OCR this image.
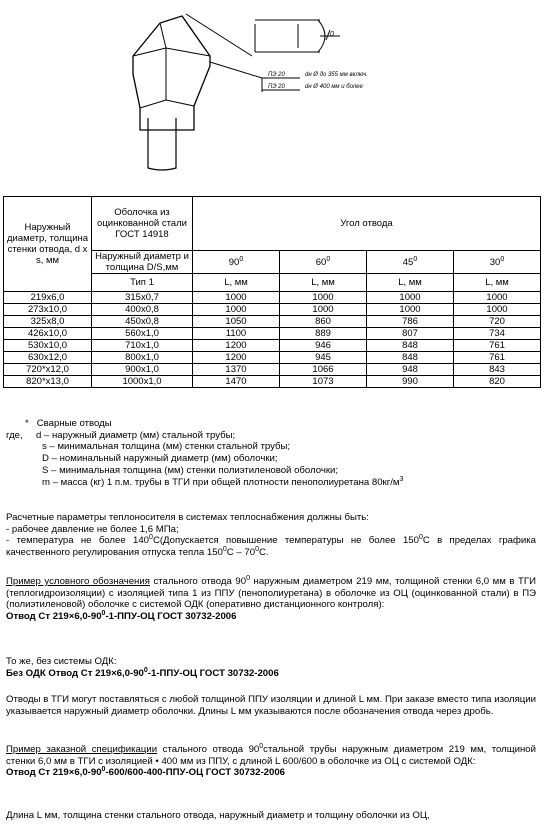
ПЭ 20
ПЭ 20
dн Ø до 355 мм включ.
dн Ø 400 мм и более
0
Наружный диаметр, толщина стенки отвода, d x s, мм	Оболочка из оцинкованной стали ГОСТ 14918	Угол отвода			
	Наружный диаметр и толщина D/S,мм	$90^0$	$60^0$	$45^0$	$30^0$
	Тип 1	L, мм	L, мм	L, мм	L, мм
219х6,0	315х0,7	1000	1000	1000	1000
273х10,0	400х0,8	1000	1000	1000	1000
325х8,0	450х0,8	1050	860	786	720
426х10,0	560х1,0	1100	889	807	734
530х10,0	710х1,0	1200	946	848	761
630х12,0	800х1,0	1200	945	848	761
720*х12,0	900х1,0	1370	1066	948	843
820*х13,0	1000х1,0	1470	1073	990	820
* Сварные отводы
где, d – наружный диаметр (мм) стальной трубы;
s – минимальная толщина (мм) стенки стальной трубы;
D – номинальный наружный диаметр (мм) оболочки;
S – минимальная толщина (мм) стенки полиэтиленовой оболочки;
m – масса (кг) 1 п.м. трубы в ТГИ при общей плотности пенополиуретана $80кг/м^3$
Расчетные параметры теплоносителя в системах теплоснабжения должны быть:
- рабочее давление не более 1,6 МПа;
- температура не более $140^0С(Допускается$ повышение температуры не более $150^0С$ в пределах графика качественного регулирования отпуска тепла $150^0С - 70^0С$.
Пример условного обозначения стального отвода $90^0$ наружным диаметром 219 мм, толщиной стенки 6,0 мм в ТГИ (теплогидроизоляции) с изоляцией типа 1 из ППУ (пенополиуретана) в оболочке из ОЦ (оцинкованной стали) в ПЭ (полиэтиленовой) оболочке с системой ОДК (оперативно дистанционного контроля):
Отвод Ст $219\times 6,0-90^0-1-ППУ-ОЦ$ ГОСТ 30732-2006
То же, без системы ОДК:
Без ОДК Отвод Ст $219\times 6,0-90^0-1-ППУ-ОЦ$ ГОСТ 30732-2006
Отводы в ТГИ могут поставляться с любой толщиной ППУ изоляции и длиной L мм. При заказе вместо типа изоляции указывается наружный диаметр оболочки. Длины L мм указываются после обозначения отвода через дробь.
Пример заказной спецификации стального отвода $90^0стальной$ трубы наружным диаметром 219 мм, толщиной стенки 6,0 мм в ТГИ с изоляцией • 400 мм из ППУ, с длиной L 600/600 в оболочке из ОЦ с системой ОДК:
Отвод Ст $219\times 6,0-90^0-600/600-400-ППУ-ОЦ$ ГОСТ 30732-2006
Длина L мм, толщина стенки стального отвода, наружный диаметр и толщину оболочки из ОЦ,
